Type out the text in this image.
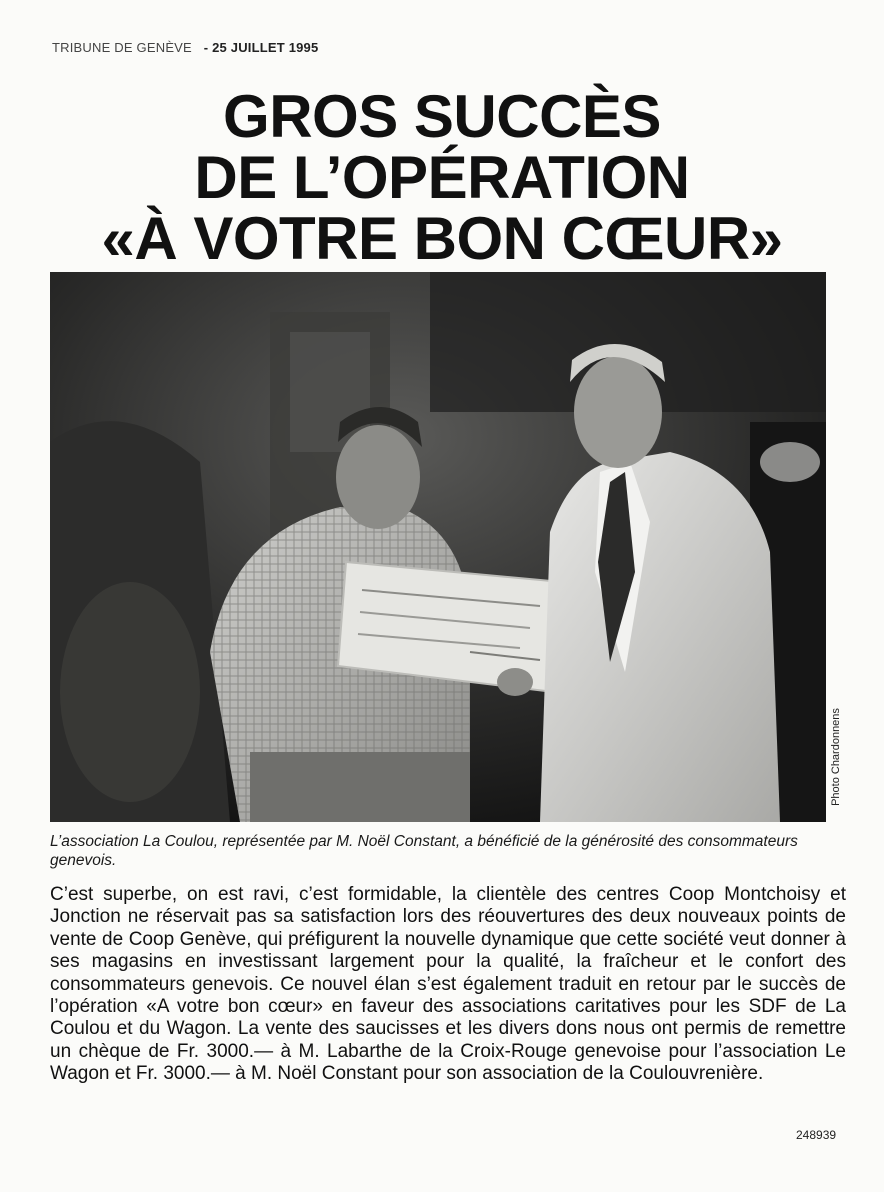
TRIBUNE DE GENÈVE - 25 JUILLET 1995
GROS SUCCÈS
DE L’OPÉRATION
«À VOTRE BON CŒUR»
Photo Chardonnens
L’association La Coulou, représentée par M. Noël Constant, a bénéficié de la générosité des consommateurs genevois.
C’est superbe, on est ravi, c’est formidable, la clientèle des centres Coop Montchoisy et Jonction ne réservait pas sa satisfaction lors des réouvertures des deux nouveaux points de vente de Coop Genève, qui préfigurent la nouvelle dynamique que cette société veut donner à ses magasins en investissant largement pour la qualité, la fraîcheur et le confort des consommateurs genevois. Ce nouvel élan s’est également traduit en retour par le succès de l’opération «A votre bon cœur» en faveur des associations caritatives pour les SDF de La Coulou et du Wagon. La vente des saucisses et les divers dons nous ont permis de remettre un chèque de Fr. 3000.— à M. Labarthe de la Croix-Rouge genevoise pour l’association Le Wagon et Fr. 3000.— à M. Noël Constant pour son association de la Coulouvrenière.
248939
